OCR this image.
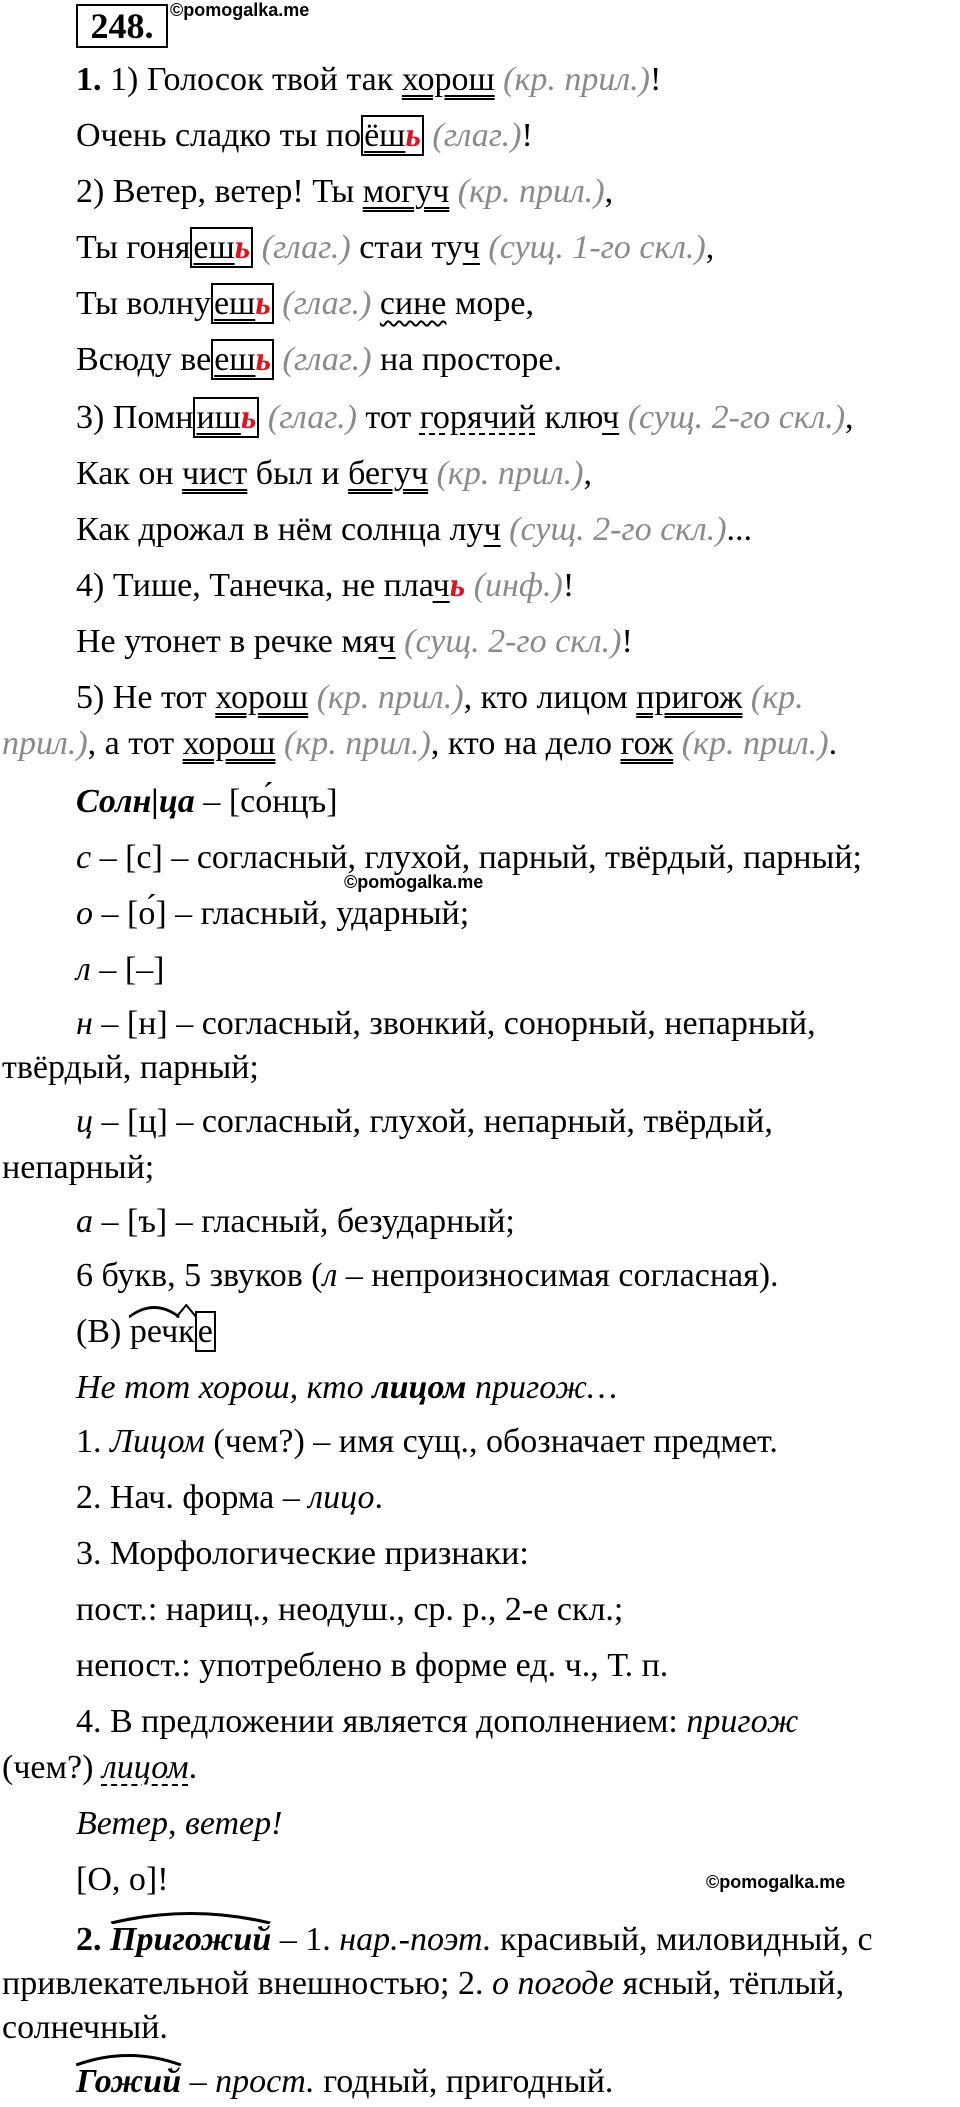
248. ©pomogalka.me
1. 1) Голосок твой так хорош (кр. прил.)!
Очень сладко ты поёшь (глаг.)!
2) Ветер, ветер! Ты могуч (кр. прил.),
Ты гоняешь (глаг.) стаи туч (сущ. 1-го скл.),
Ты волнуешь (глаг.) сине море,
Всюду веешь (глаг.) на просторе.
3) Помнишь (глаг.) тот горячий ключ (сущ. 2-го скл.),
Как он чист был и бегуч (кр. прил.),
Как дрожал в нём солнца луч (сущ. 2-го скл.)...
4) Тише, Танечка, не плачь (инф.)!
Не утонет в речке мяч (сущ. 2-го скл.)!
5) Не тот хорош (кр. прил.), кто лицом пригож (кр.
прил.), а тот хорош (кр. прил.), кто на дело гож (кр. прил.).
Солн|ца – [со́нцъ]
с – [с] – согласный, глухой, парный, твёрдый, парный;
©pomogalka.me
о – [о́] – гласный, ударный;
л – [–]
н – [н] – согласный, звонкий, сонорный, непарный,
твёрдый, парный;
ц – [ц] – согласный, глухой, непарный, твёрдый,
непарный;
а – [ъ] – гласный, безударный;
6 букв, 5 звуков (л – непроизносимая согласная).
(В)
реч
ке
Не тот хорош, кто лицом пригож…
1. Лицом (чем?) – имя сущ., обозначает предмет.
2. Нач. форма – лицо.
3. Морфологические признаки:
пост.: нариц., неодуш., ср. р., 2-е скл.;
непост.: употреблено в форме ед. ч., Т. п.
4. В предложении является дополнением: пригож
(чем?) лицом.
Ветер, ветер!
[О, о]!	©pomogalka.me
2.
Пригожий – 1. нар.-поэт. красивый, миловидный, с
привлекательной внешностью; 2. о погоде ясный, тёплый,
солнечный.
Гожий – прост. годный, пригодный.
